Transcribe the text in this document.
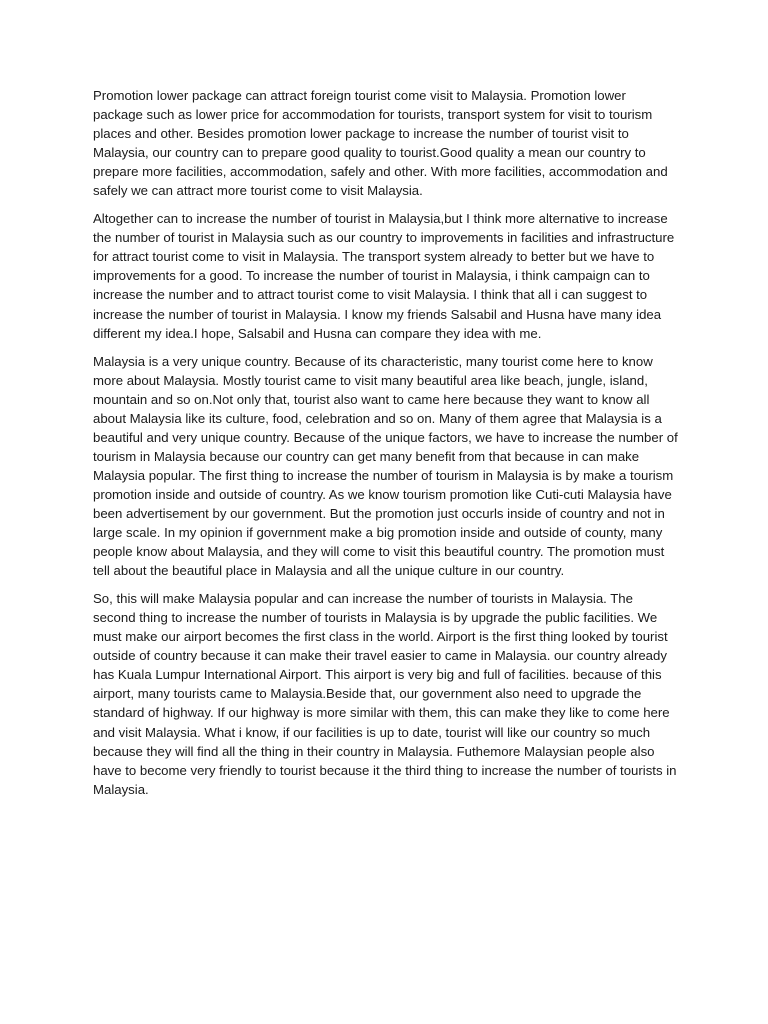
Promotion lower package can attract foreign tourist come visit to Malaysia. Promotion lower package such as lower price for accommodation for tourists, transport system for visit to tourism places and other. Besides promotion lower package to increase the number of tourist visit to Malaysia, our country can to prepare good quality to tourist.Good quality a mean our country to prepare more facilities, accommodation, safely and other. With more facilities, accommodation and safely we can attract more tourist come to visit Malaysia.

Altogether can to increase the number of tourist in Malaysia,but I think more alternative to increase the number of tourist in Malaysia such as our country to improvements in facilities and infrastructure for attract tourist come to visit in Malaysia. The transport system already to better but we have to improvements for a good. To increase the number of tourist in Malaysia, i think campaign can to increase the number and to attract tourist come to visit Malaysia. I think that all i can suggest to increase the number of tourist in Malaysia. I know my friends Salsabil and Husna have many idea different my idea.I hope, Salsabil and Husna can compare they idea with me.

Malaysia is a very unique country. Because of its characteristic, many tourist come here to know more about Malaysia. Mostly tourist came to visit many beautiful area like beach, jungle, island, mountain and so on.Not only that, tourist also want to came here because they want to know all about Malaysia like its culture, food, celebration and so on. Many of them agree that Malaysia is a beautiful and very unique country. Because of the unique factors, we have to increase the number of tourism in Malaysia because our country can get many benefit from that because in can make Malaysia popular. The first thing to increase the number of tourism in Malaysia is by make a tourism promotion inside and outside of country. As we know tourism promotion like Cuti-cuti Malaysia have been advertisement by our government. But the promotion just occurls inside of country and not in large scale. In my opinion if government make a big promotion inside and outside of county, many people know about Malaysia, and they will come to visit this beautiful country. The promotion must tell about the beautiful place in Malaysia and all the unique culture in our country.

So, this will make Malaysia popular and can increase the number of tourists in Malaysia. The second thing to increase the number of tourists in Malaysia is by upgrade the public facilities. We must make our airport becomes the first class in the world. Airport is the first thing looked by tourist outside of country because it can make their travel easier to came in Malaysia. our country already has Kuala Lumpur International Airport. This airport is very big and full of facilities. because of this airport, many tourists came to Malaysia.Beside that, our government also need to upgrade the standard of highway. If our highway is more similar with them, this can make they like to come here and visit Malaysia. What i know, if our facilities is up to date, tourist will like our country so much because they will find all the thing in their country in Malaysia. Futhemore Malaysian people also have to become very friendly to tourist because it the third thing to increase the number of tourists in Malaysia.
